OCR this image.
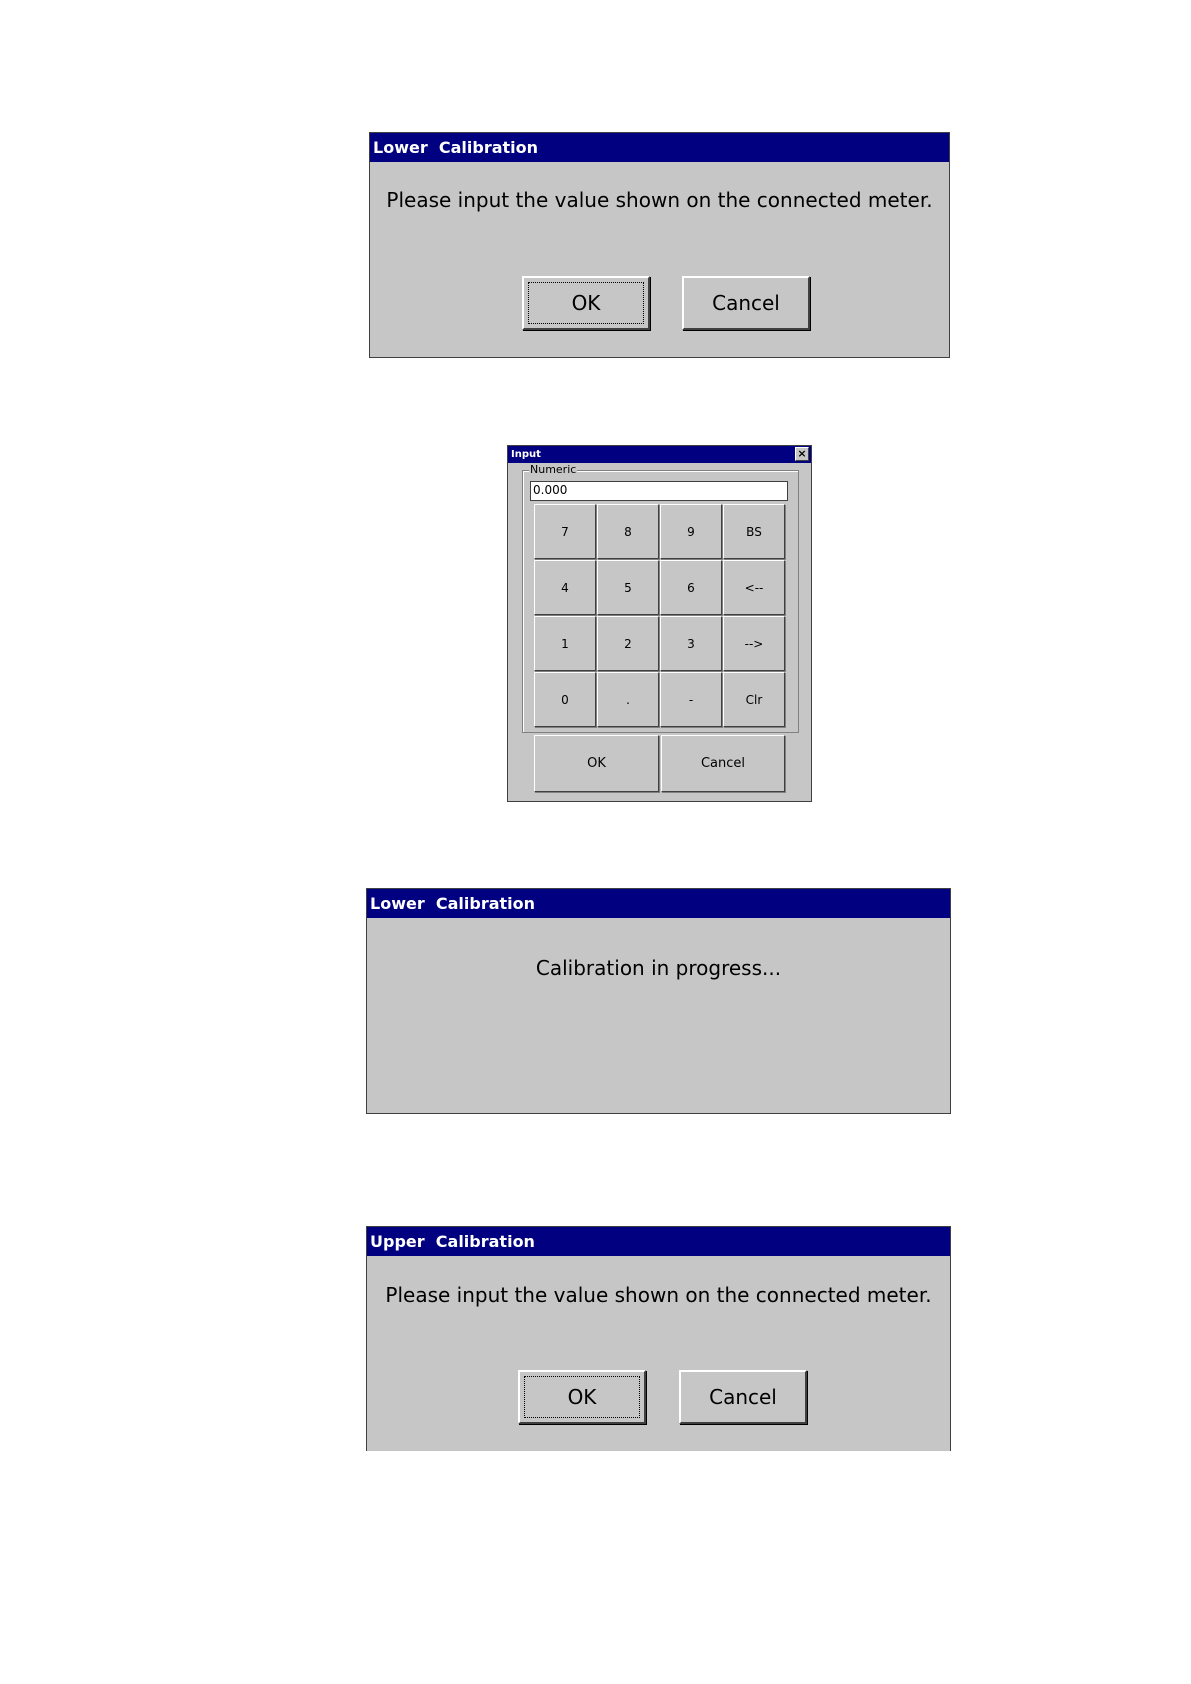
Lower  Calibration
Please input the value shown on the connected meter.
OK	Cancel
Input	×
Numeric
0.000
7	8	9	BS
4	5	6	<--
1	2	3	-->
0	.	-	Clr
OK	Cancel
Lower  Calibration
Calibration in progress...
Upper  Calibration
Please input the value shown on the connected meter.
OK	Cancel
